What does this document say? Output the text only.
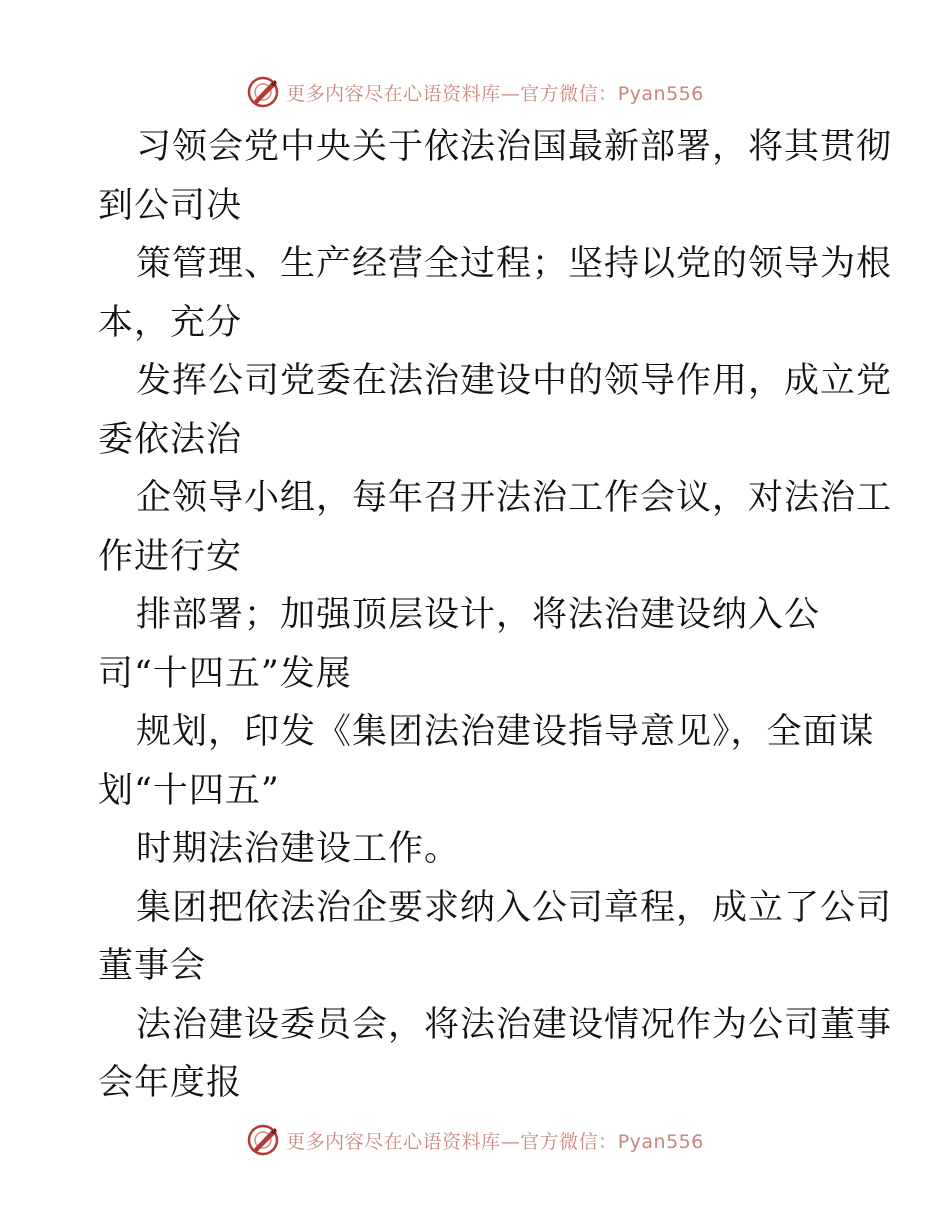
更多内容尽在心语资料库—官方微信：Pyan556
习领会党中央关于依法治国最新部署，将其贯彻
到公司决
策管理、生产经营全过程；坚持以党的领导为根
本，充分
发挥公司党委在法治建设中的领导作用，成立党
委依法治
企领导小组，每年召开法治工作会议，对法治工
作进行安
排部署；加强顶层设计，将法治建设纳入公
司“十四五”发展
规划，印发《集团法治建设指导意见》，全面谋
划“十四五”
时期法治建设工作。
集团把依法治企要求纳入公司章程，成立了公司
董事会
法治建设委员会，将法治建设情况作为公司董事
会年度报
更多内容尽在心语资料库—官方微信：Pyan556
